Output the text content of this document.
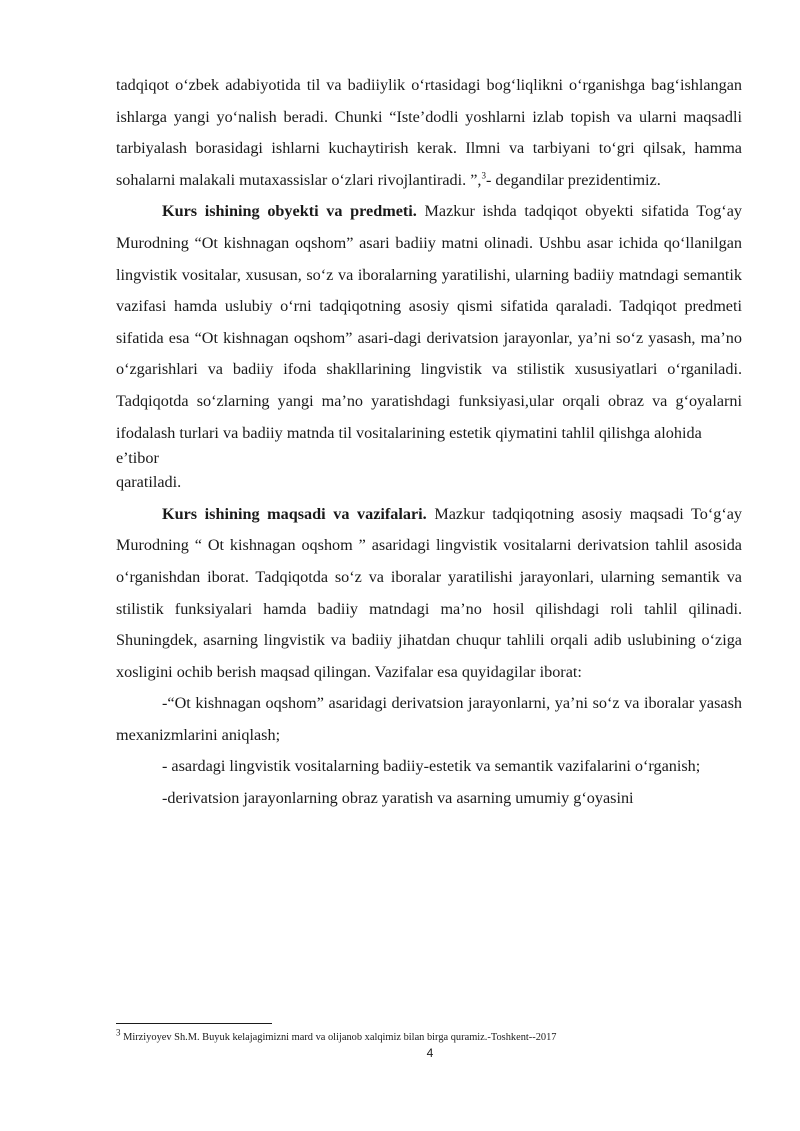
tadqiqot o‘zbek adabiyotida til va badiiylik o‘rtasidagi bog‘liqlikni o‘rganishga bag‘ishlangan ishlarga yangi yo‘nalish beradi. Chunki “Iste’dodli yoshlarni izlab topish va ularni maqsadli tarbiyalash borasidagi ishlarni kuchaytirish kerak. Ilmni va tarbiyani to‘gri qilsak, hamma sohalarni malakali mutaxassislar o‘zlari rivojlantiradi. ”,$^3$- degandilar prezidentimiz.

Kurs ishining obyekti va predmeti. Mazkur ishda tadqiqot obyekti sifatida Tog‘ay Murodning “Ot kishnagan oqshom” asari badiiy matni olinadi. Ushbu asar ichida qo‘llanilgan lingvistik vositalar, xususan, so‘z va iboralarning yaratilishi, ularning badiiy matndagi semantik vazifasi hamda uslubiy o‘rni tadqiqotning asosiy qismi sifatida qaraladi. Tadqiqot predmeti sifatida esa “Ot kishnagan oqshom” asari-dagi derivatsion jarayonlar, ya’ni so‘z yasash, ma’no o‘zgarishlari va badiiy ifoda shakllarining lingvistik va stilistik xususiyatlari o‘rganiladi. Tadqiqotda so‘zlarning yangi ma’no yaratishdagi funksiyasi,ular orqali obraz va g‘oyalarni ifodalash turlari va badiiy matnda til vositalarining estetik qiymatini tahlil qilishga alohida

e’tibor

qaratiladi.

Kurs ishining maqsadi va vazifalari. Mazkur tadqiqotning asosiy maqsadi To‘g‘ay Murodning “ Ot kishnagan oqshom ” asaridagi lingvistik vositalarni derivatsion tahlil asosida o‘rganishdan iborat. Tadqiqotda so‘z va iboralar yaratilishi jarayonlari, ularning semantik va stilistik funksiyalari hamda badiiy matndagi ma’no hosil qilishdagi roli tahlil qilinadi. Shuningdek, asarning lingvistik va badiiy jihatdan chuqur tahlili orqali adib uslubining o‘ziga xosligini ochib berish maqsad qilingan. Vazifalar esa quyidagilar iborat:

-“Ot kishnagan oqshom” asaridagi derivatsion jarayonlarni, ya’ni so‘z va iboralar yasash mexanizmlarini aniqlash;

- asardagi lingvistik vositalarning badiiy-estetik va semantik vazifalarini o‘rganish;

-derivatsion jarayonlarning obraz yaratish va asarning umumiy g‘oyasini

$^3$ Mirziyoyev Sh.M. Buyuk kelajagimizni mard va olijanob xalqimiz bilan birga quramiz.-Toshkent--2017
4
